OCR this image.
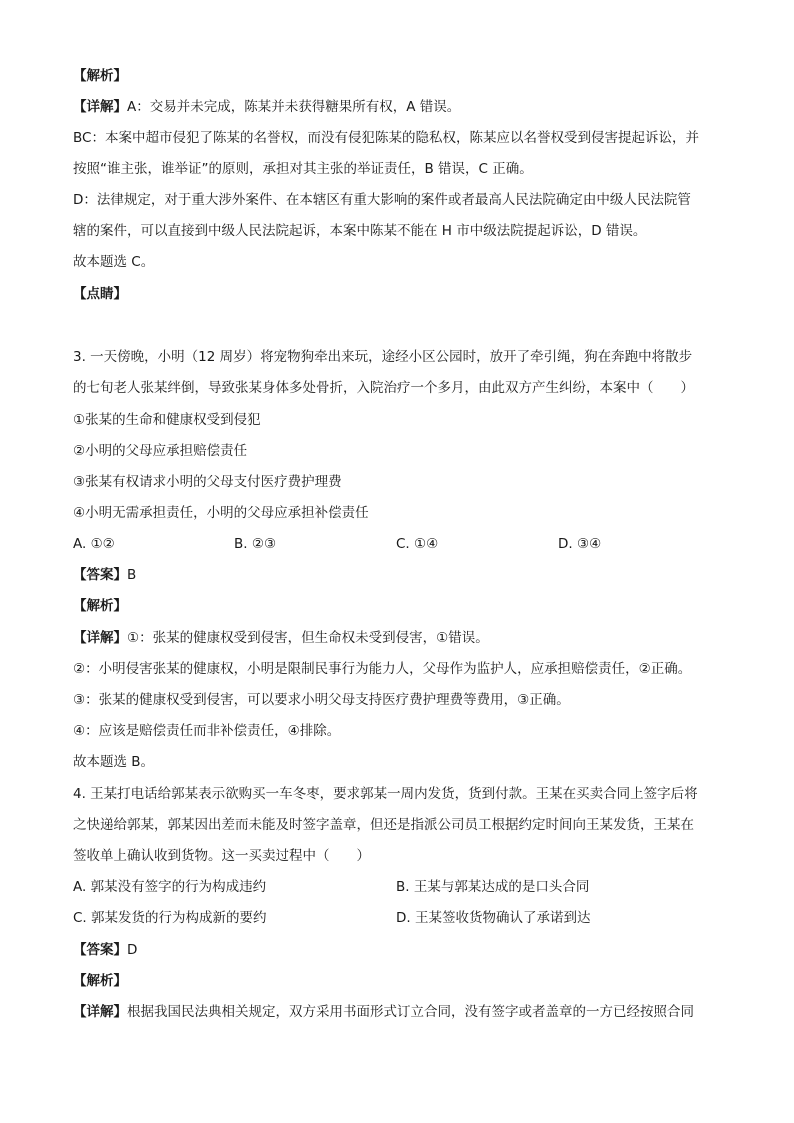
【解析】
【详解】A：交易并未完成，陈某并未获得糖果所有权，A 错误。
BC：本案中超市侵犯了陈某的名誉权，而没有侵犯陈某的隐私权，陈某应以名誉权受到侵害提起诉讼，并
按照“谁主张，谁举证”的原则，承担对其主张的举证责任，B 错误，C 正确。
D：法律规定，对于重大涉外案件、在本辖区有重大影响的案件或者最高人民法院确定由中级人民法院管
辖的案件，可以直接到中级人民法院起诉，本案中陈某不能在 H 市中级法院提起诉讼，D 错误。
故本题选 C。
【点睛】
3. 一天傍晚，小明（12 周岁）将宠物狗牵出来玩，途经小区公园时，放开了牵引绳，狗在奔跑中将散步
的七旬老人张某绊倒，导致张某身体多处骨折，入院治疗一个多月，由此双方产生纠纷，本案中（　　）
①张某的生命和健康权受到侵犯
②小明的父母应承担赔偿责任
③张某有权请求小明的父母支付医疗费护理费
④小明无需承担责任，小明的父母应承担补偿责任
A. ①②	B. ②③	C. ①④	D. ③④
【答案】B
【解析】
【详解】①：张某的健康权受到侵害，但生命权未受到侵害，①错误。
②：小明侵害张某的健康权，小明是限制民事行为能力人，父母作为监护人，应承担赔偿责任，②正确。
③：张某的健康权受到侵害，可以要求小明父母支持医疗费护理费等费用，③正确。
④：应该是赔偿责任而非补偿责任，④排除。
故本题选 B。
4. 王某打电话给郭某表示欲购买一车冬枣，要求郭某一周内发货，货到付款。王某在买卖合同上签字后将
之快递给郭某，郭某因出差而未能及时签字盖章，但还是指派公司员工根据约定时间向王某发货，王某在
签收单上确认收到货物。这一买卖过程中（　　）
A. 郭某没有签字的行为构成违约	B. 王某与郭某达成的是口头合同
C. 郭某发货的行为构成新的要约	D. 王某签收货物确认了承诺到达
【答案】D
【解析】
【详解】根据我国民法典相关规定，双方采用书面形式订立合同，没有签字或者盖章的一方已经按照合同
